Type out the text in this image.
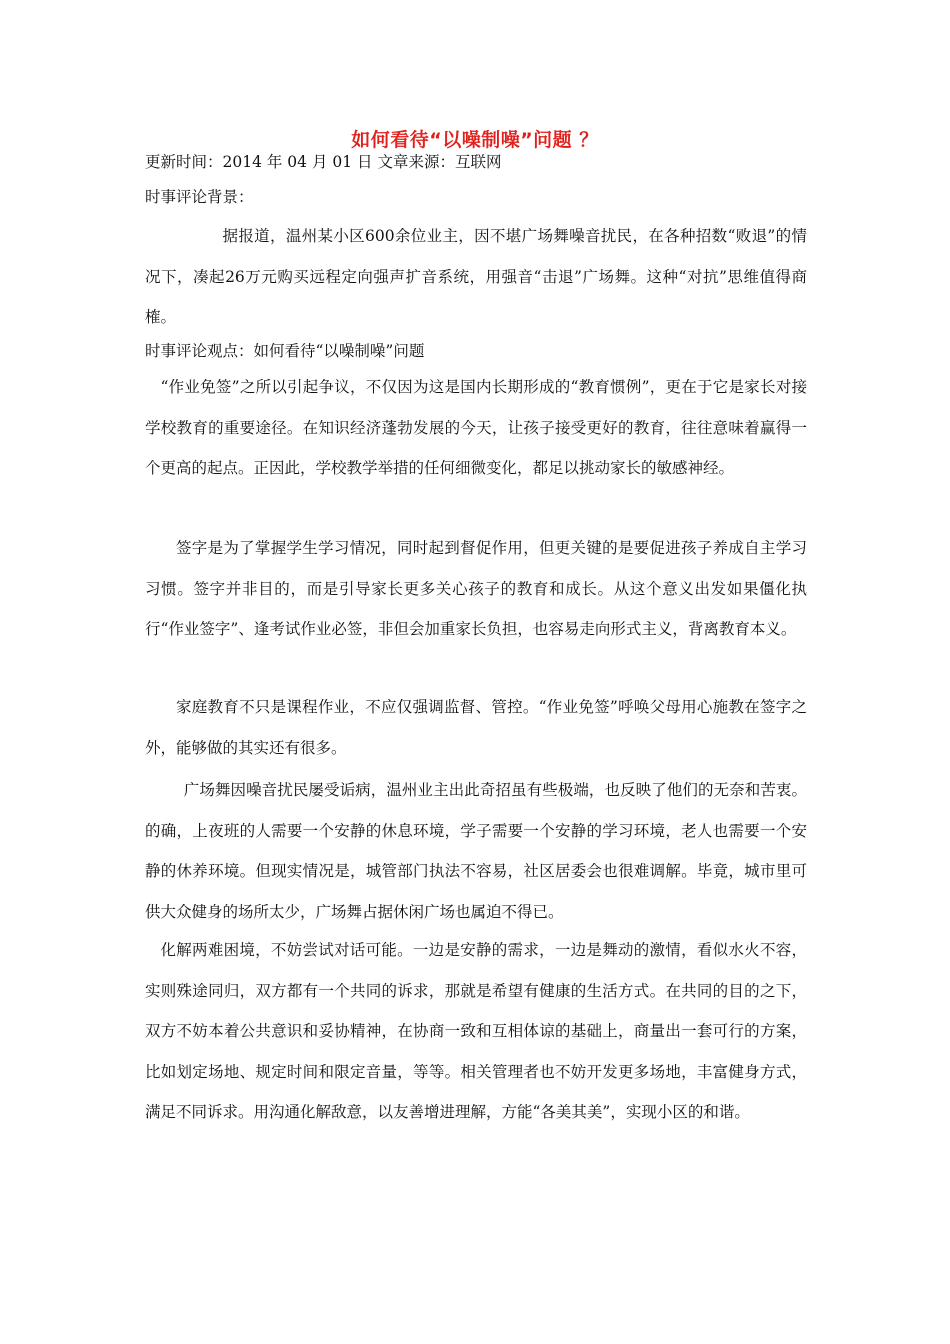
如何看待“以噪制噪”问题 ？
更新时间：2014 年 04 月 01 日 文章来源：互联网
时事评论背景：
据报道，温州某小区600余位业主，因不堪广场舞噪音扰民，在各种招数“败退”的情况下，凑起26万元购买远程定向强声扩音系统，用强音“击退”广场舞。这种“对抗”思维值得商榷。
时事评论观点：如何看待“以噪制噪”问题
“作业免签”之所以引起争议，不仅因为这是国内长期形成的“教育惯例”，更在于它是家长对接学校教育的重要途径。在知识经济蓬勃发展的今天，让孩子接受更好的教育，往往意味着赢得一个更高的起点。正因此，学校教学举措的任何细微变化，都足以挑动家长的敏感神经。
签字是为了掌握学生学习情况，同时起到督促作用，但更关键的是要促进孩子养成自主学习习惯。签字并非目的，而是引导家长更多关心孩子的教育和成长。从这个意义出发如果僵化执行“作业签字”、逢考试作业必签，非但会加重家长负担，也容易走向形式主义，背离教育本义。
家庭教育不只是课程作业，不应仅强调监督、管控。“作业免签”呼唤父母用心施教在签字之外，能够做的其实还有很多。
广场舞因噪音扰民屡受诟病，温州业主出此奇招虽有些极端，也反映了他们的无奈和苦衷。的确，上夜班的人需要一个安静的休息环境，学子需要一个安静的学习环境，老人也需要一个安静的休养环境。但现实情况是，城管部门执法不容易，社区居委会也很难调解。毕竟，城市里可供大众健身的场所太少，广场舞占据休闲广场也属迫不得已。
化解两难困境，不妨尝试对话可能。一边是安静的需求，一边是舞动的激情，看似水火不容，实则殊途同归，双方都有一个共同的诉求，那就是希望有健康的生活方式。在共同的目的之下，双方不妨本着公共意识和妥协精神，在协商一致和互相体谅的基础上，商量出一套可行的方案，比如划定场地、规定时间和限定音量，等等。相关管理者也不妨开发更多场地，丰富健身方式，满足不同诉求。用沟通化解敌意，以友善增进理解，方能“各美其美”，实现小区的和谐。
